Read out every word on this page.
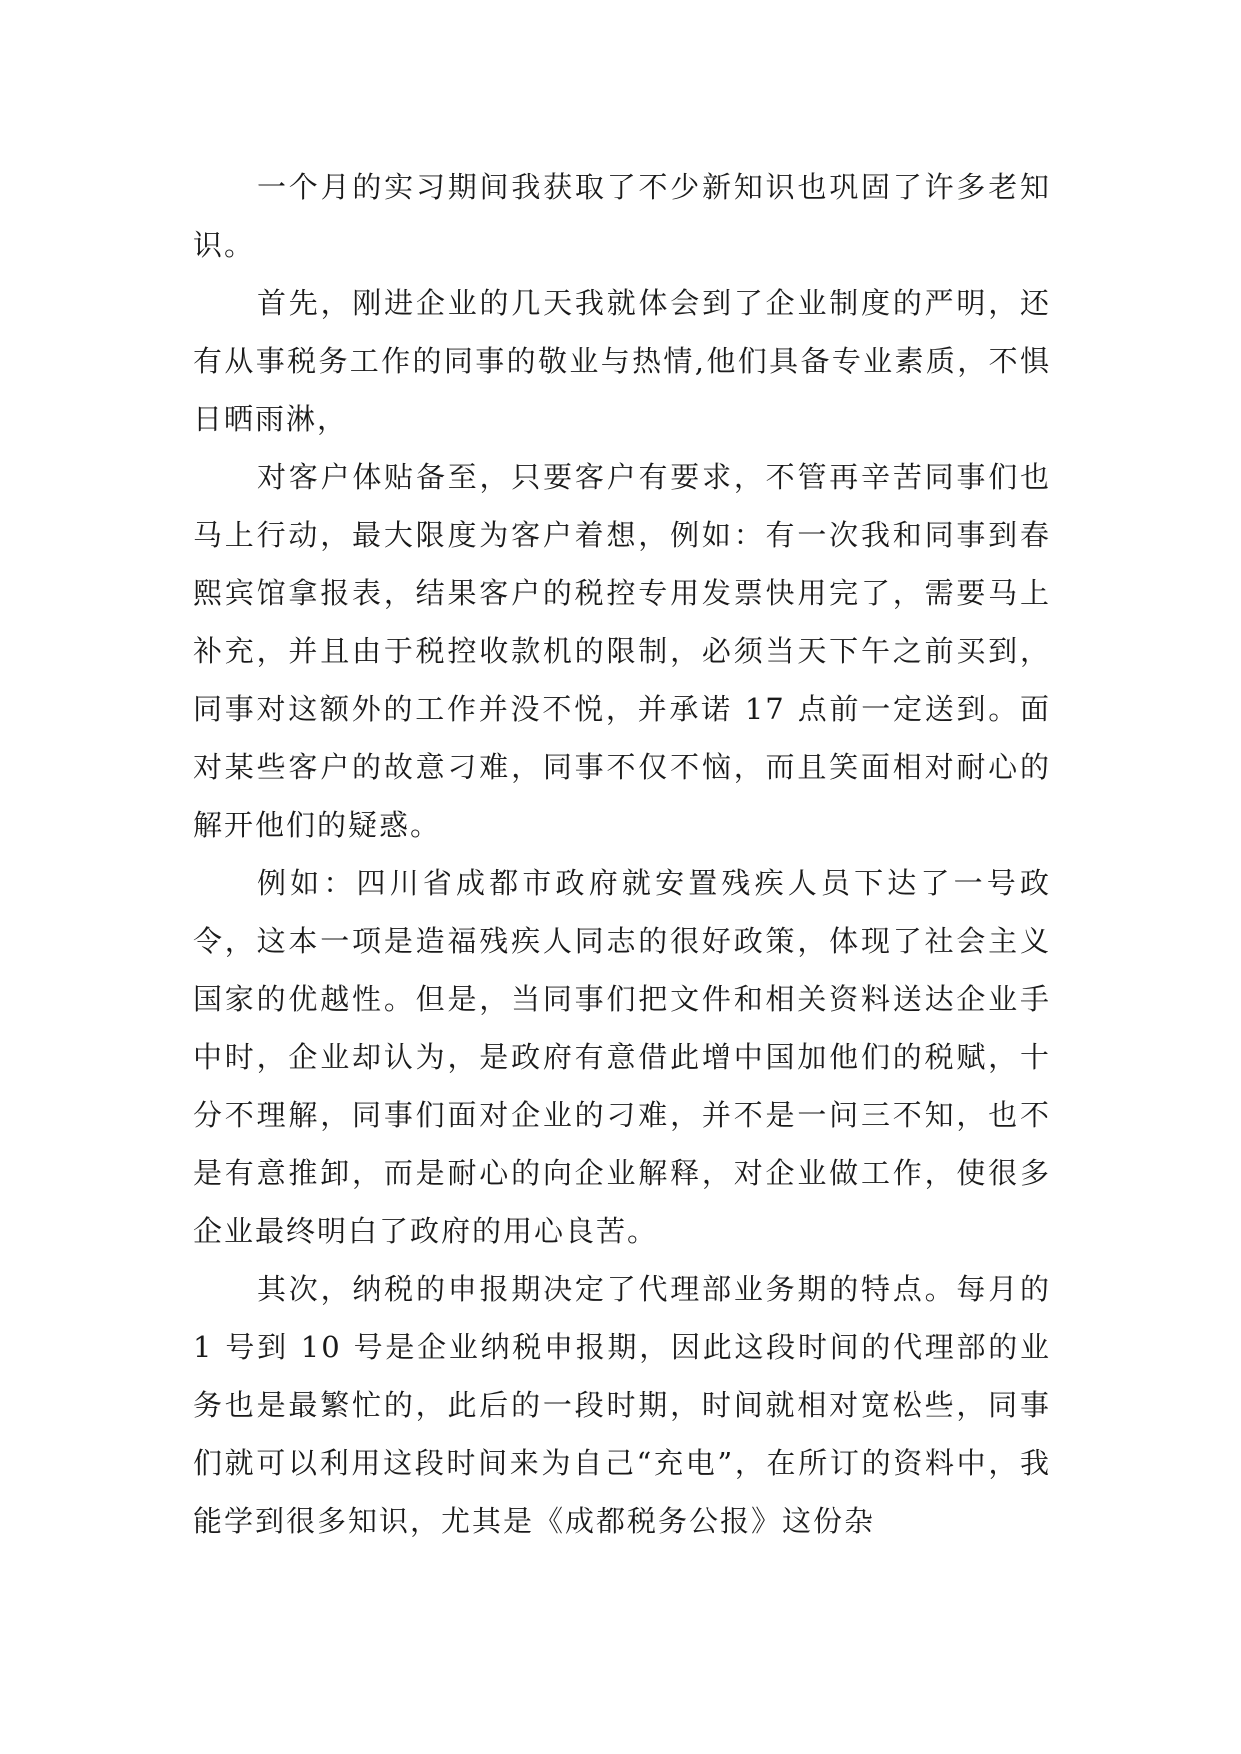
一个月的实习期间我获取了不少新知识也巩固了许多老知识。

首先，刚进企业的几天我就体会到了企业制度的严明，还有从事税务工作的同事的敬业与热情,他们具备专业素质，不惧日晒雨淋，

对客户体贴备至，只要客户有要求，不管再辛苦同事们也马上行动，最大限度为客户着想，例如：有一次我和同事到春熙宾馆拿报表，结果客户的税控专用发票快用完了，需要马上补充，并且由于税控收款机的限制，必须当天下午之前买到，同事对这额外的工作并没不悦，并承诺 17 点前一定送到。面对某些客户的故意刁难，同事不仅不恼，而且笑面相对耐心的解开他们的疑惑。

例如：四川省成都市政府就安置残疾人员下达了一号政令，这本一项是造福残疾人同志的很好政策，体现了社会主义国家的优越性。但是，当同事们把文件和相关资料送达企业手中时，企业却认为，是政府有意借此增中国加他们的税赋，十分不理解，同事们面对企业的刁难，并不是一问三不知，也不是有意推卸，而是耐心的向企业解释，对企业做工作，使很多企业最终明白了政府的用心良苦。

其次，纳税的申报期决定了代理部业务期的特点。每月的 1 号到 10 号是企业纳税申报期，因此这段时间的代理部的业务也是最繁忙的，此后的一段时期，时间就相对宽松些，同事们就可以利用这段时间来为自己“充电”，在所订的资料中，我能学到很多知识，尤其是《成都税务公报》这份杂
